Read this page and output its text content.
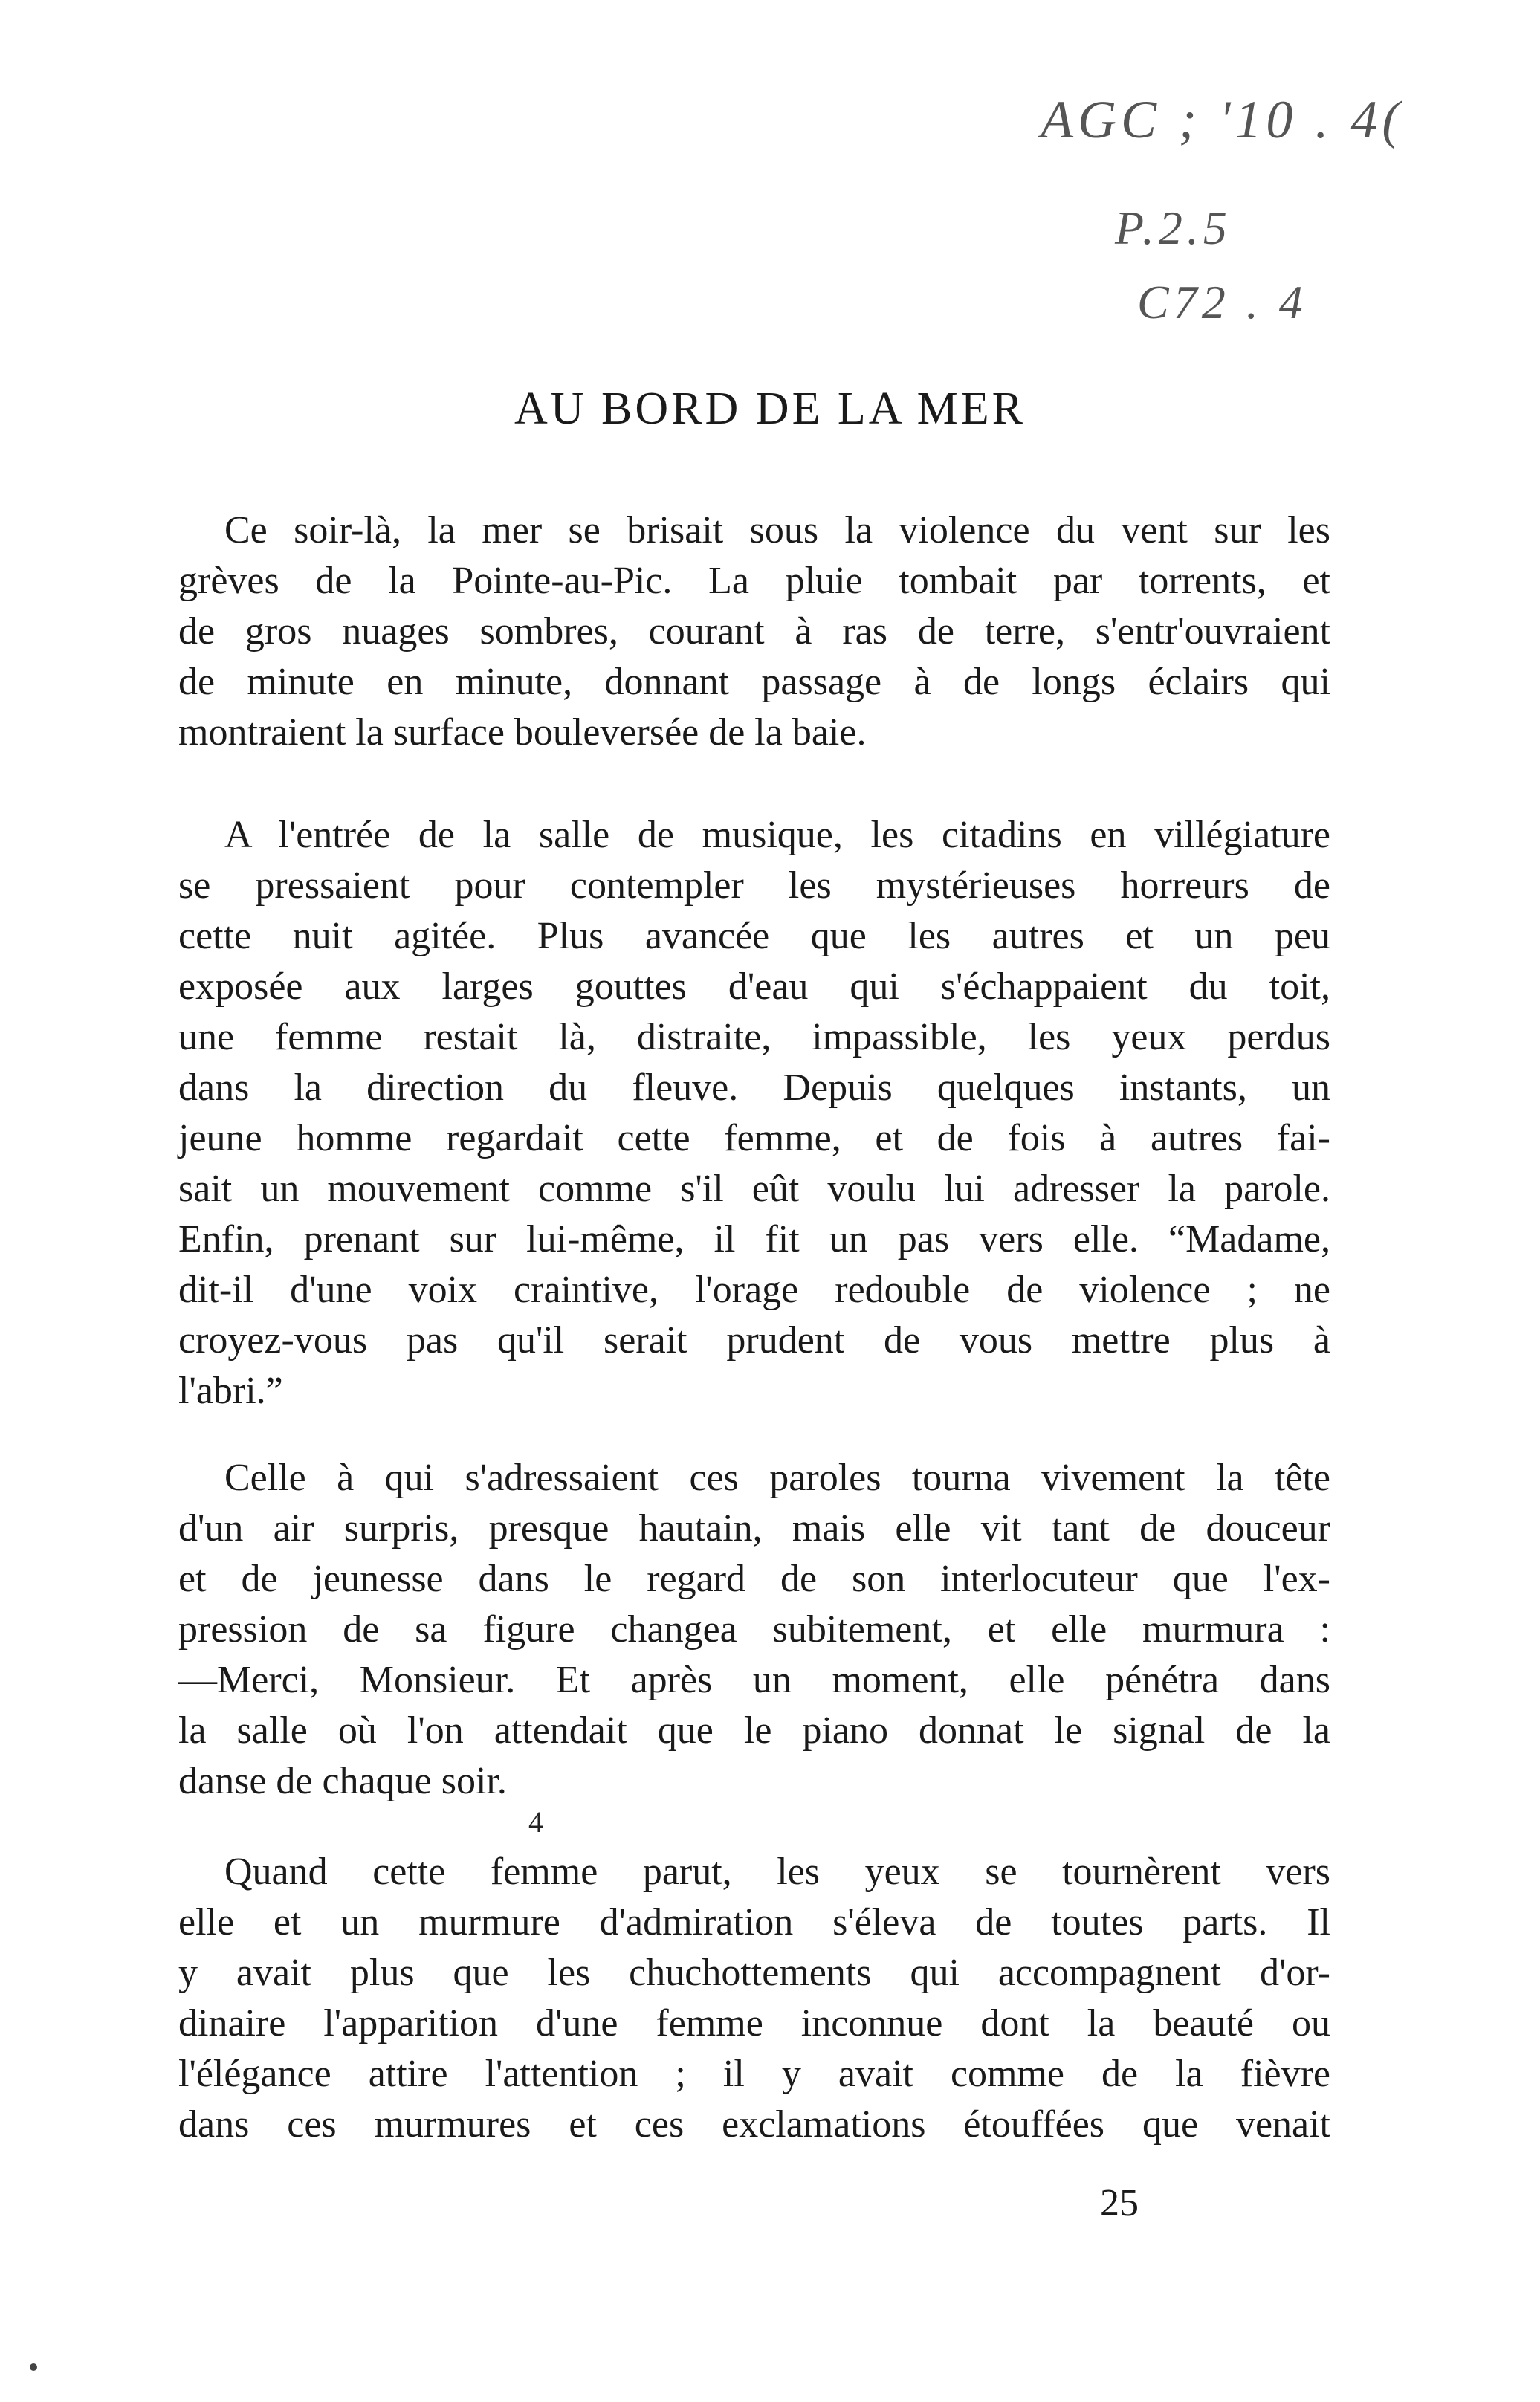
AGC ; '10 . 4(
P.2.5
C72 . 4
AU BORD DE LA MER
Ce soir-là, la mer se brisait sous la violence du vent sur les
grèves de la Pointe-au-Pic. La pluie tombait par torrents, et
de gros nuages sombres, courant à ras de terre, s'entr'ouvraient
de minute en minute, donnant passage à de longs éclairs qui
montraient la surface bouleversée de la baie.
A l'entrée de la salle de musique, les citadins en villégiature
se pressaient pour contempler les mystérieuses horreurs de
cette nuit agitée. Plus avancée que les autres et un peu
exposée aux larges gouttes d'eau qui s'échappaient du toit,
une femme restait là, distraite, impassible, les yeux perdus
dans la direction du fleuve. Depuis quelques instants, un
jeune homme regardait cette femme, et de fois à autres fai-
sait un mouvement comme s'il eût voulu lui adresser la parole.
Enfin, prenant sur lui-même, il fit un pas vers elle. “Madame,
dit-il d'une voix craintive, l'orage redouble de violence ; ne
croyez-vous pas qu'il serait prudent de vous mettre plus à
l'abri.”
Celle à qui s'adressaient ces paroles tourna vivement la tête
d'un air surpris, presque hautain, mais elle vit tant de douceur
et de jeunesse dans le regard de son interlocuteur que l'ex-
pression de sa figure changea subitement, et elle murmura :
—Merci, Monsieur. Et après un moment, elle pénétra dans
la salle où l'on attendait que le piano donnat le signal de la
danse de chaque soir.
4
Quand cette femme parut, les yeux se tournèrent vers
elle et un murmure d'admiration s'éleva de toutes parts. Il
y avait plus que les chuchottements qui accompagnent d'or-
dinaire l'apparition d'une femme inconnue dont la beauté ou
l'élégance attire l'attention ; il y avait comme de la fièvre
dans ces murmures et ces exclamations étouffées que venait
25
